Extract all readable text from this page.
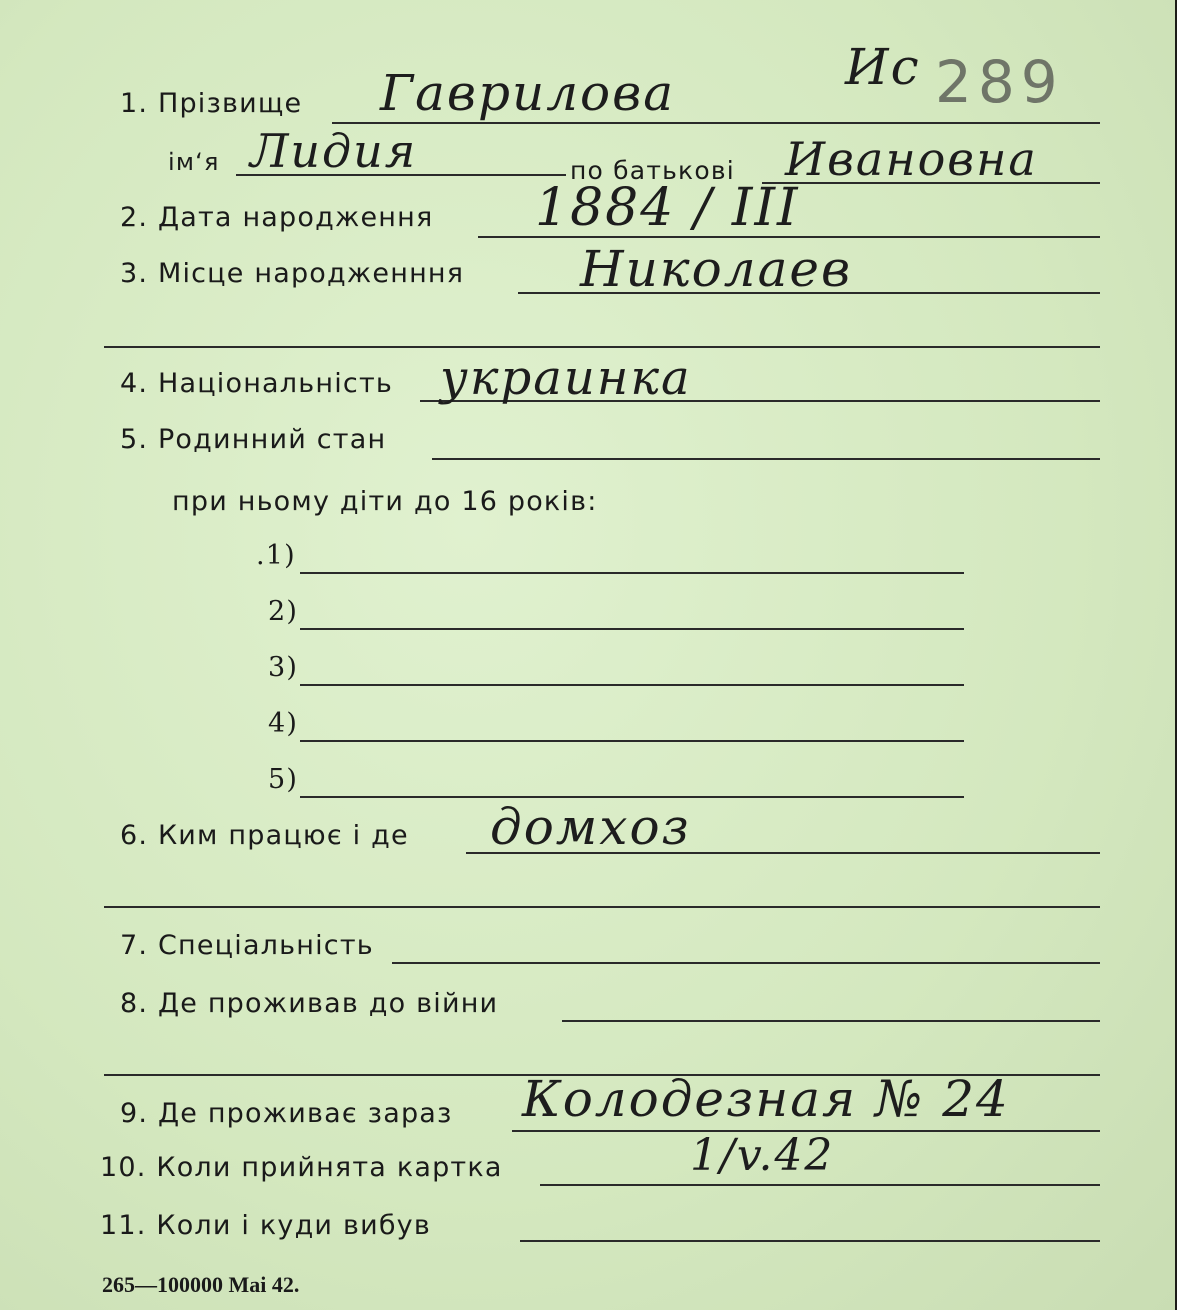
Ис 289
1. Прізвище Гаврилова
ім‘я Лидия	по батькові Ивановна
2. Дата народження 1884 / III
3. Місце народженння Николаев
4. Національність украинка
5. Родинний стан
при ньому діти до 16 років:
.1)
2)
3)
4)
5)
6. Ким працює і де домхоз
7. Спеціальність
8. Де проживав до війни
9. Де проживає зараз Колодезная № 24
10. Коли прийнята картка	1/v.42
11. Коли і куди вибув
265—100000 Маі 42.
